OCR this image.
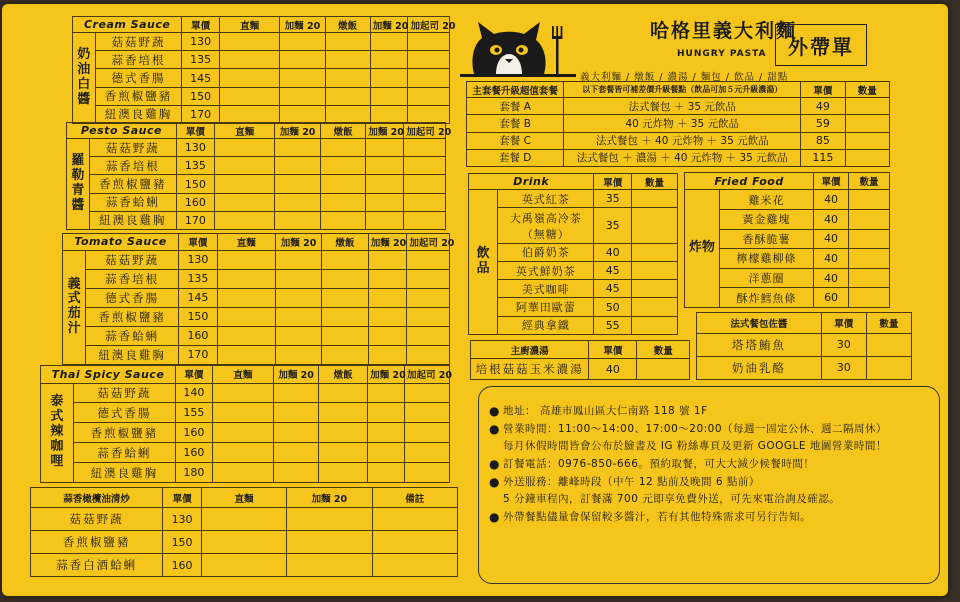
哈格里義大利麵
HUNGRY PASTA
義大利麵 / 燉飯 / 濃湯 / 麵包 / 飲品 / 甜點
外帶單
Cream Sauce		單價	直麵	加麵 20	燉飯	加麵 20	加起司 20
奶油白醬	菇菇野蔬	130					
	蒜香培根	135					
	德式香腸	145					
	香煎椒鹽豬	150					
	紐澳良雞胸	170					
Pesto Sauce		單價	直麵	加麵 20	燉飯	加麵 20	加起司 20
羅勒青醬	菇菇野蔬	130					
	蒜香培根	135					
	香煎椒鹽豬	150					
	蒜香蛤蜊	160					
	紐澳良雞胸	170					
Tomato Sauce		單價	直麵	加麵 20	燉飯	加麵 20	加起司 20
義式茄汁	菇菇野蔬	130					
	蒜香培根	135					
	德式香腸	145					
	香煎椒鹽豬	150					
	蒜香蛤蜊	160					
	紐澳良雞胸	170					
Thai Spicy Sauce		單價	直麵	加麵 20	燉飯	加麵 20	加起司 20
泰式辣咖哩	菇菇野蔬	140					
	德式香腸	155					
	香煎椒鹽豬	160					
	蒜香蛤蜊	160					
	紐澳良雞胸	180					
蒜香橄欖油清炒	單價	直麵	加麵 20	備註
菇菇野蔬	130			
香煎椒鹽豬	150			
蒜香白酒蛤蜊	160			
主套餐升級超值套餐	以下套餐皆可補差價升級餐點（飲品可加５元升級濃湯）	單價	數量
套餐 A	法式餐包 ＋ 35 元飲品	49	
套餐 B	40 元炸物 ＋ 35 元飲品	59	
套餐 C	法式餐包 ＋ 40 元炸物 ＋ 35 元飲品	85	
套餐 D	法式餐包 ＋ 濃湯 ＋ 40 元炸物 ＋ 35 元飲品	115	
Drink		單價	數量
飲品	英式紅茶	35	
	大禹嶺高冷茶（無糖）	35	
	伯爵奶茶	40	
	英式鮮奶茶	45	
	美式咖啡	45	
	阿華田歐蕾	50	
	經典拿鐵	55	
Fried Food		單價	數量
炸物	雞米花	40	
	黃金雞塊	40	
	香酥脆薯	40	
	檸檬雞柳條	40	
	洋蔥圈	40	
	酥炸鱈魚條	60	
主廚濃湯	單價	數量
培根菇菇玉米濃湯	40	
法式餐包佐醬	單價	數量
塔塔鮪魚	30	
奶油乳酪	30	
● 地址： 高雄市鳳山區大仁南路 118 號 1F
● 營業時間：11:00～14:00、17:00～20:00（每週一固定公休、週二隔周休）
每月休假時間皆會公布於臉書及 IG 粉絲專頁及更新 GOOGLE 地圖營業時間！
● 訂餐電話：0976-850-666。預約取餐，可大大減少候餐時間！
● 外送服務：離峰時段（中午 12 點前及晚間 6 點前）
5 分鐘車程內，訂餐滿 700 元即享免費外送，可先來電洽詢及確認。
● 外帶餐點儘量會保留較多醬汁，若有其他特殊需求可另行告知。
